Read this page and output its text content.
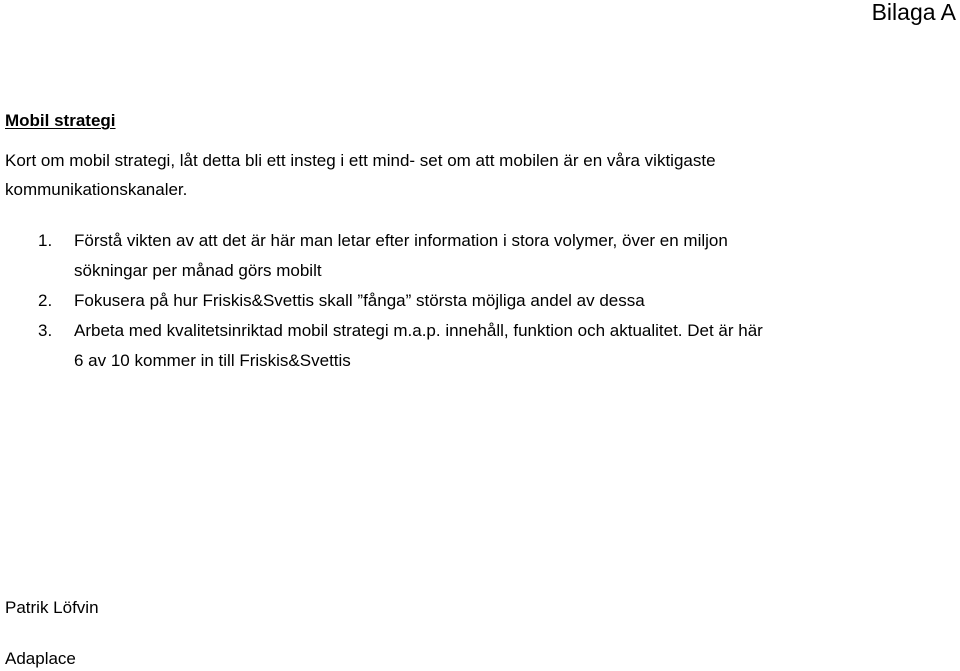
Bilaga A
Mobil strategi
Kort om mobil strategi, låt detta bli ett insteg i ett mind- set om att mobilen är en våra viktigaste
kommunikationskanaler.
1. Förstå vikten av att det är här man letar efter information i stora volymer, över en miljon
sökningar per månad görs mobilt
2. Fokusera på hur Friskis&Svettis skall ”fånga” största möjliga andel av dessa
3. Arbeta med kvalitetsinriktad mobil strategi m.a.p. innehåll, funktion och aktualitet. Det är här
6 av 10 kommer in till Friskis&Svettis
Patrik Löfvin
Adaplace
